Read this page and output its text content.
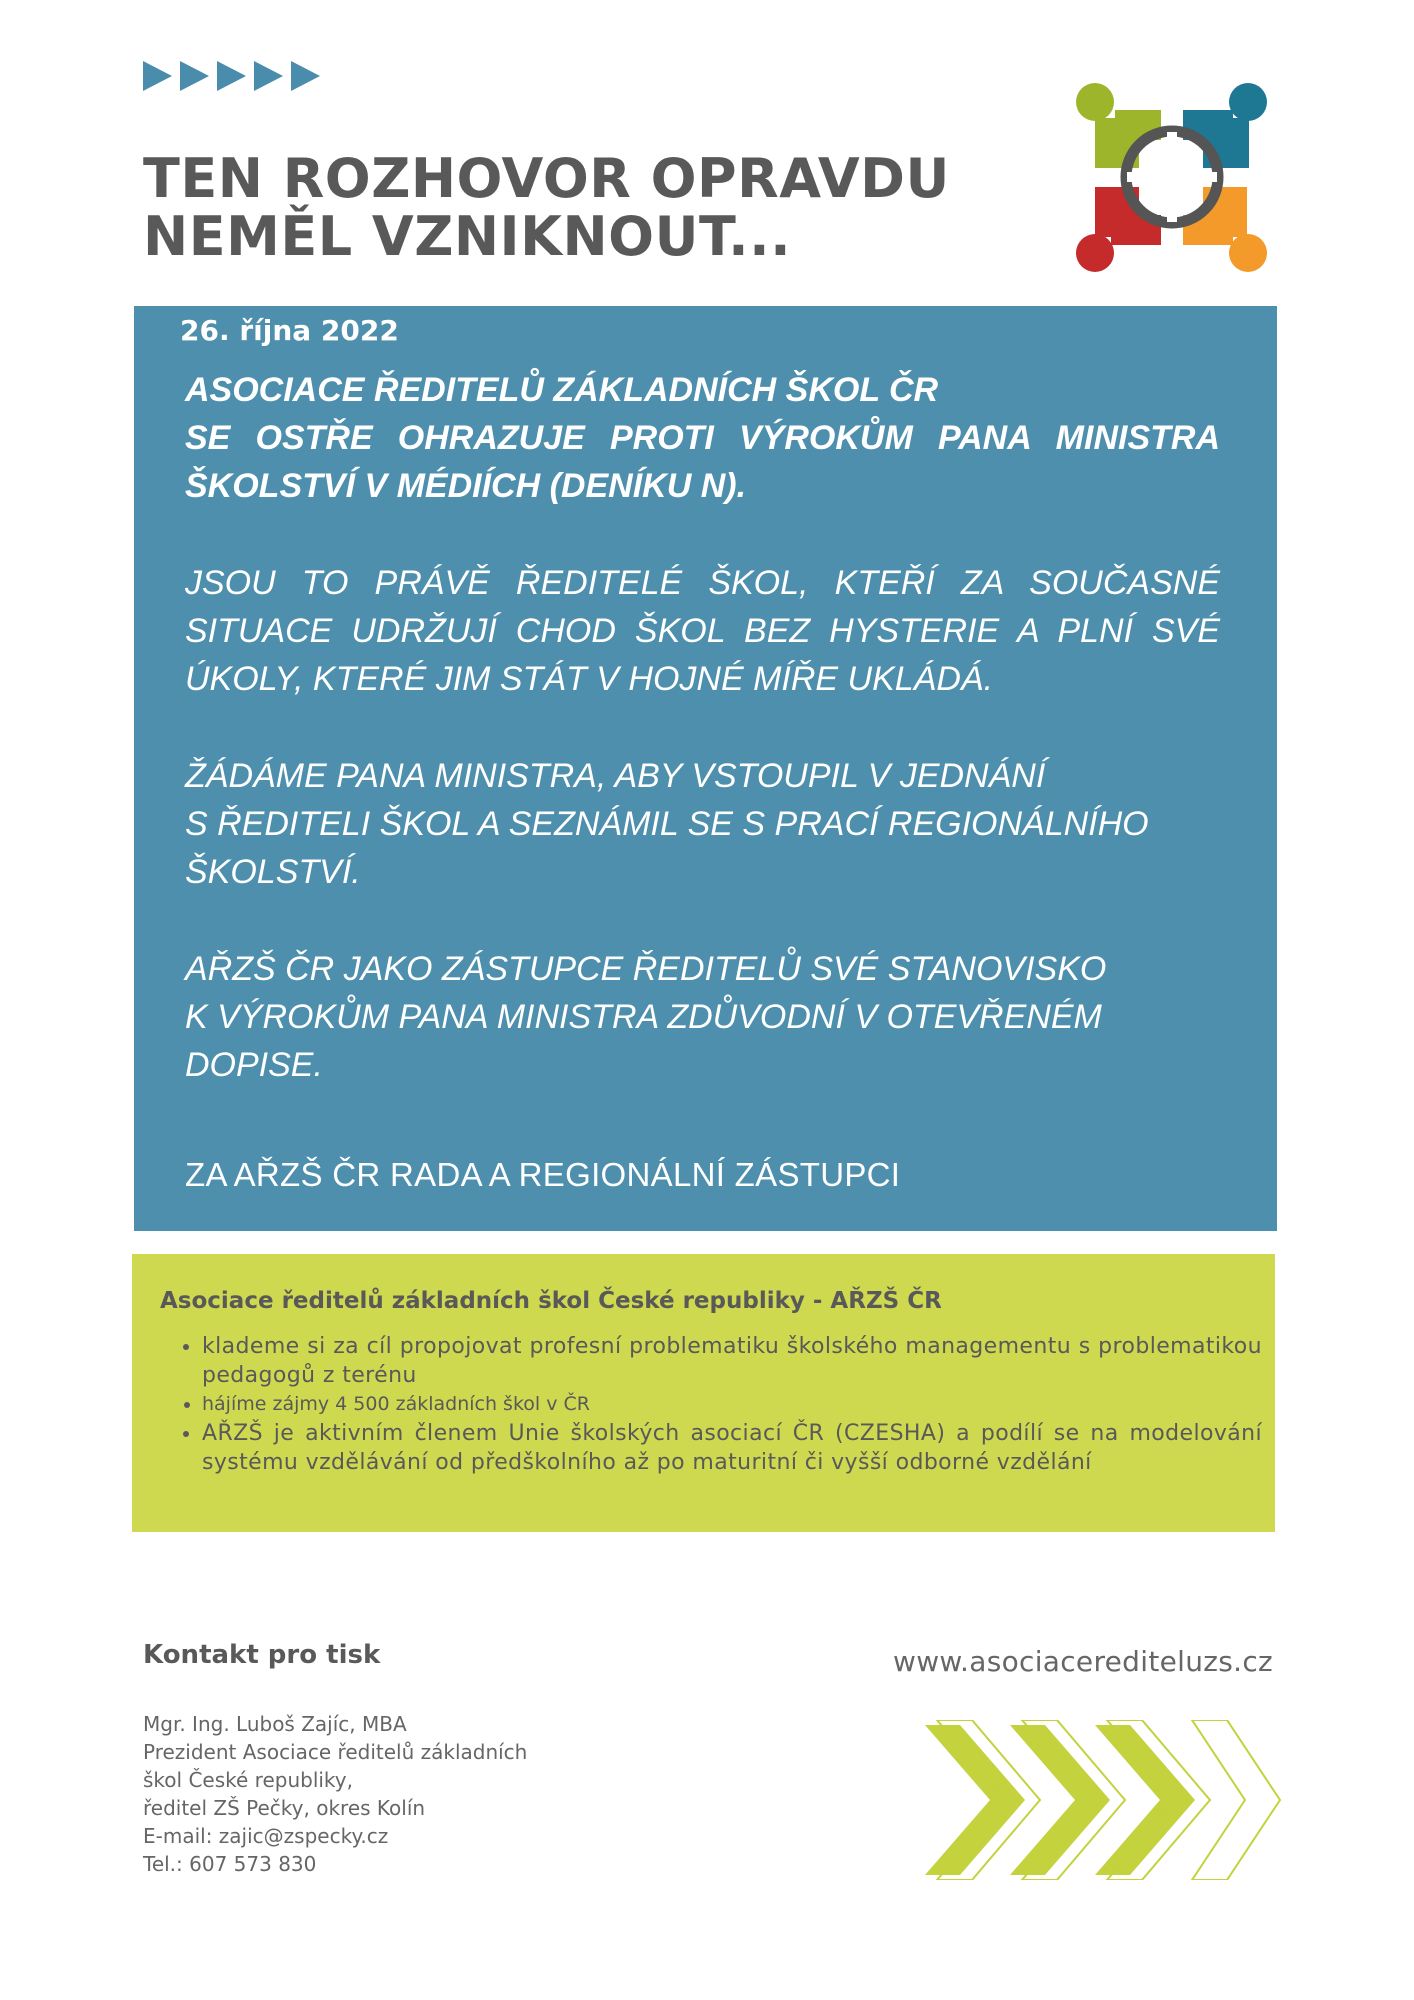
TEN ROZHOVOR OPRAVDU
NEMĚL VZNIKNOUT...
26. října 2022

ASOCIACE ŘEDITELŮ ZÁKLADNÍCH ŠKOL ČR
SE OSTŘE OHRAZUJE PROTI VÝROKŮM PANA MINISTRA ŠKOLSTVÍ V MÉDIÍCH (DENÍKU N).

JSOU TO PRÁVĚ ŘEDITELÉ ŠKOL, KTEŘÍ ZA SOUČASNÉ SITUACE UDRŽUJÍ CHOD ŠKOL BEZ HYSTERIE A PLNÍ SVÉ ÚKOLY, KTERÉ JIM STÁT V HOJNÉ MÍŘE UKLÁDÁ.

ŽÁDÁME PANA MINISTRA, ABY VSTOUPIL V JEDNÁNÍ
S ŘEDITELI ŠKOL A SEZNÁMIL SE S PRACÍ REGIONÁLNÍHO ŠKOLSTVÍ.

AŘZŠ ČR JAKO ZÁSTUPCE ŘEDITELŮ SVÉ STANOVISKO
K VÝROKŮM PANA MINISTRA ZDŮVODNÍ V OTEVŘENÉM DOPISE.

ZA AŘZŠ ČR RADA A REGIONÁLNÍ ZÁSTUPCI
Asociace ředitelů základních škol České republiky - AŘZŠ ČR
• klademe si za cíl propojovat profesní problematiku školského managementu s problematikou pedagogů z terénu
• hájíme zájmy 4 500 základních škol v ČR
• AŘZŠ je aktivním členem Unie školských asociací ČR (CZESHA) a podílí se na modelování systému vzdělávání od předškolního až po maturitní či vyšší odborné vzdělání
Kontakt pro tisk
Mgr. Ing. Luboš Zajíc, MBA
Prezident Asociace ředitelů základních
škol České republiky,
ředitel ZŠ Pečky, okres Kolín
E-mail: zajic@zspecky.cz
Tel.: 607 573 830
www.asociacerediteluzs.cz
